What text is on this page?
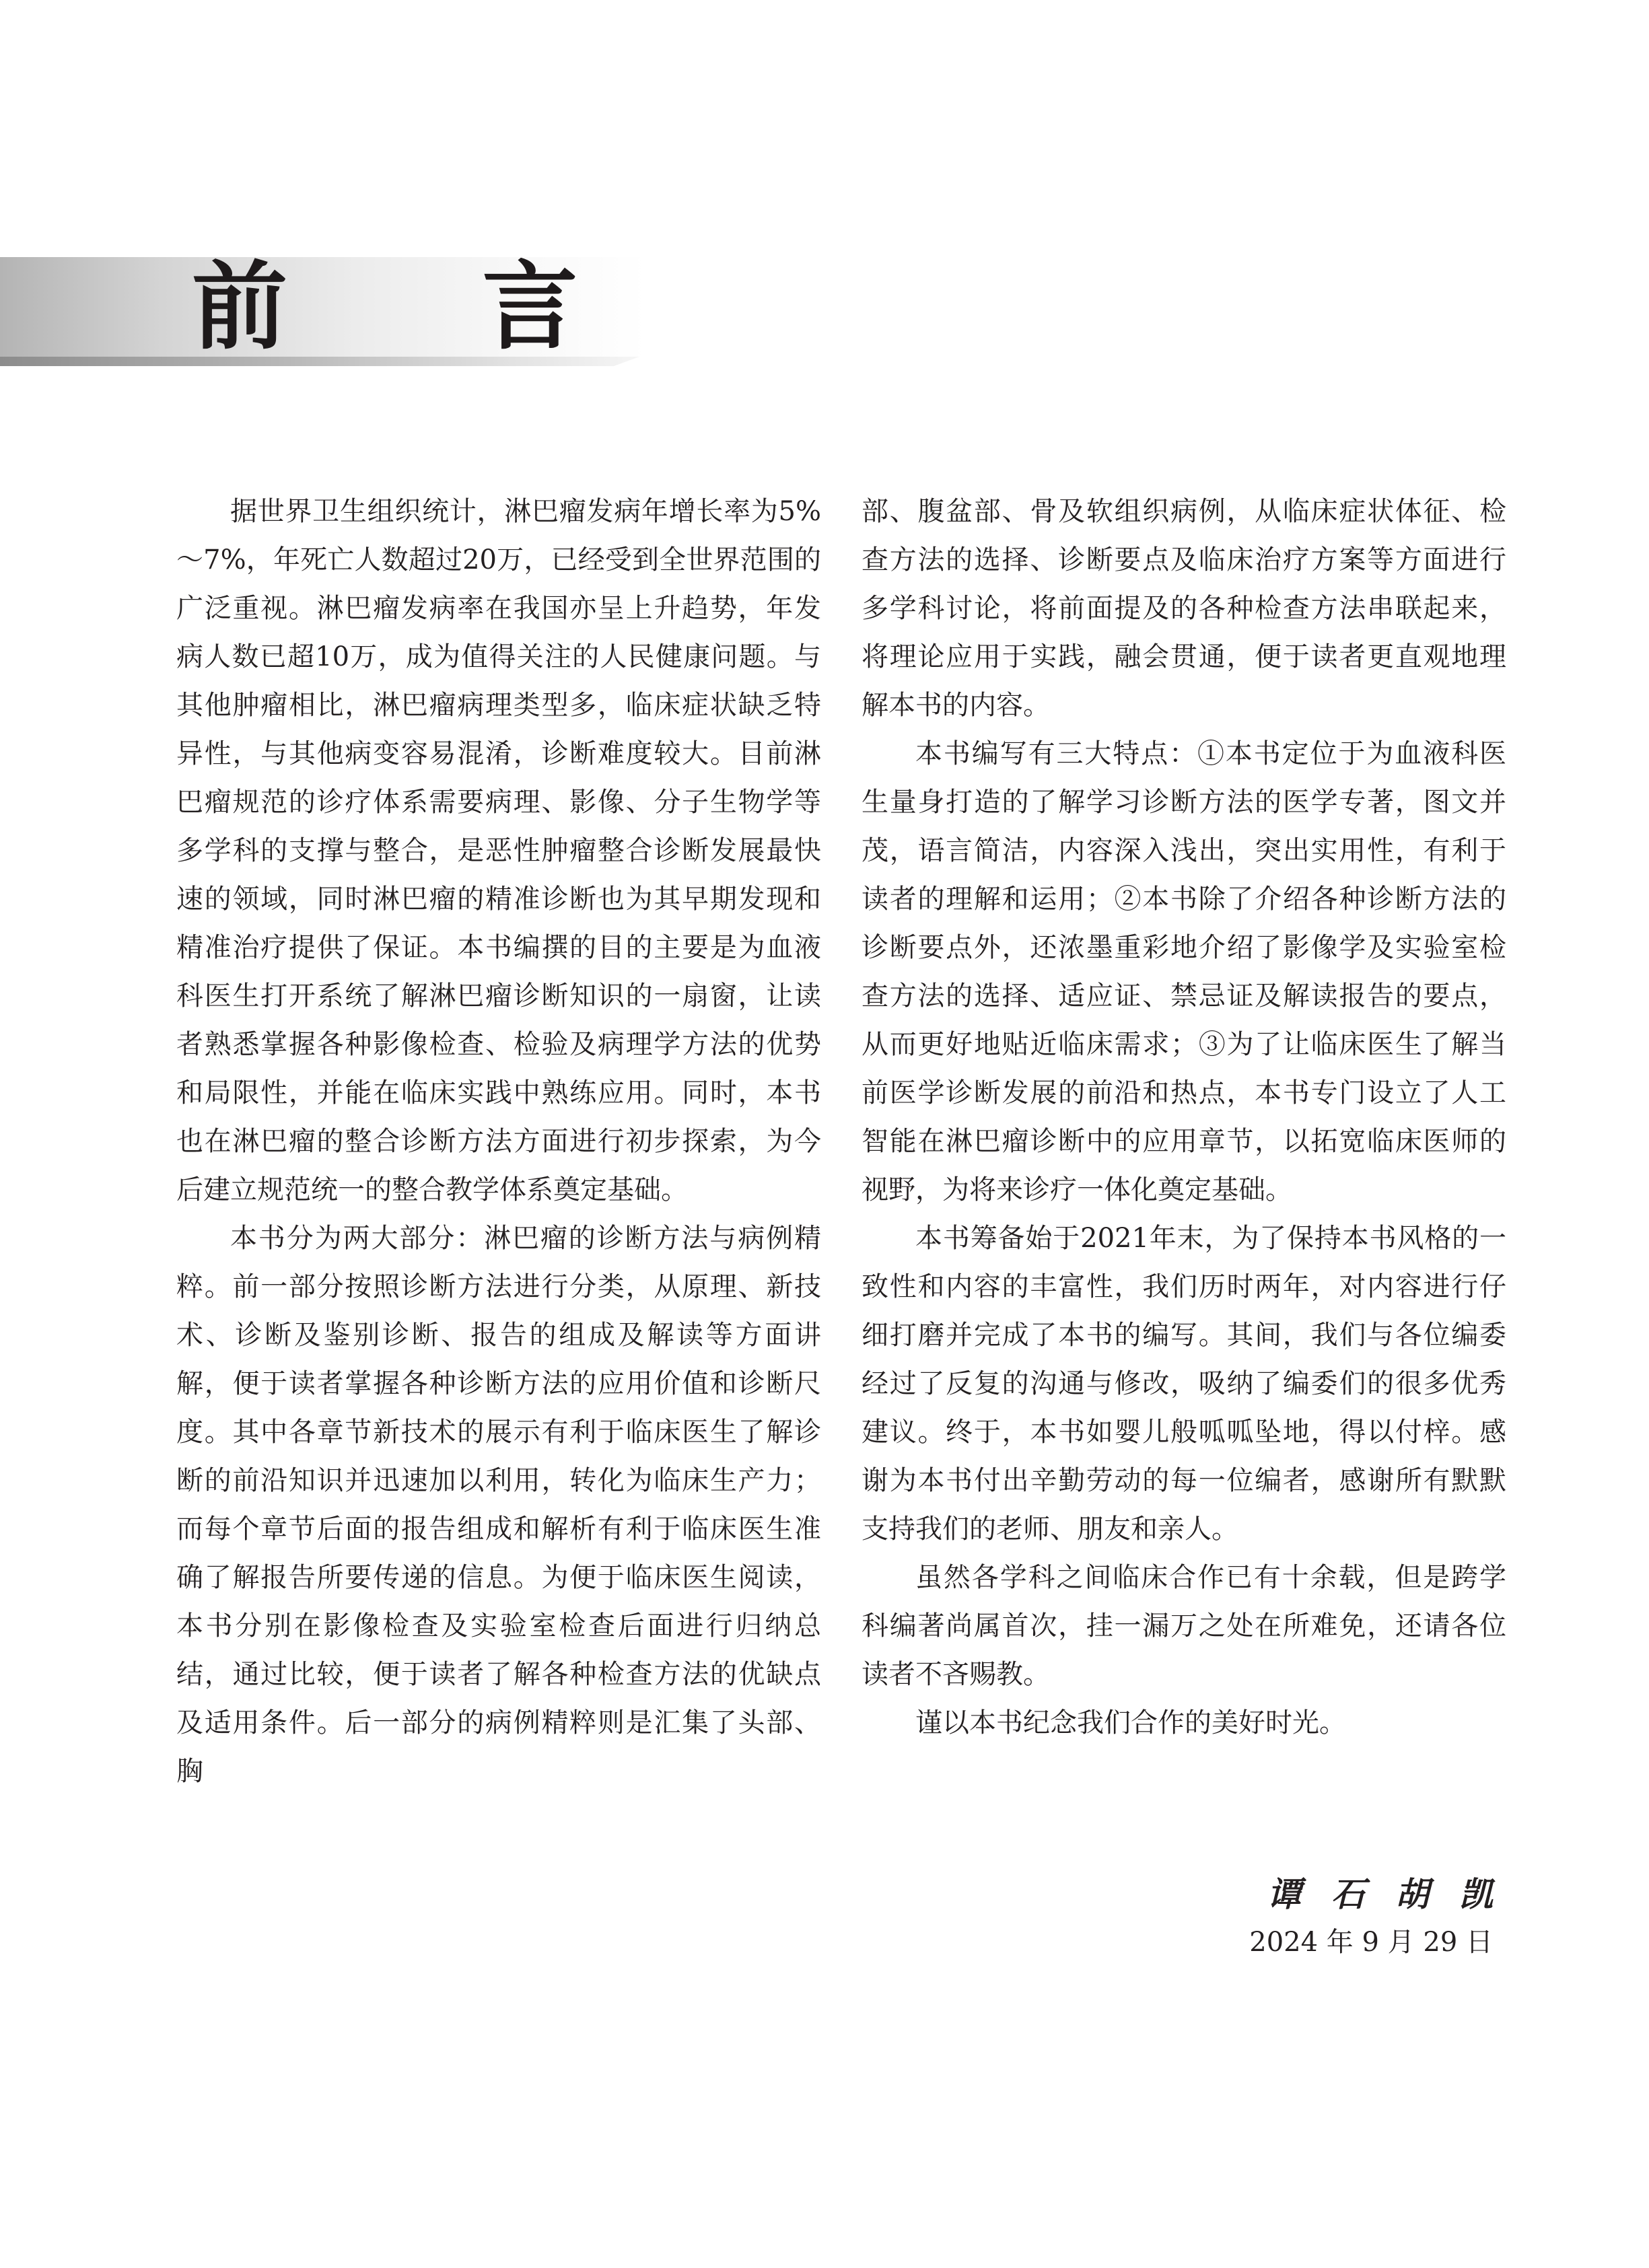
前 言

据世界卫生组织统计，淋巴瘤发病年增长率为5%～7%，年死亡人数超过20万，已经受到全世界范围的广泛重视。淋巴瘤发病率在我国亦呈上升趋势，年发病人数已超10万，成为值得关注的人民健康问题。与其他肿瘤相比，淋巴瘤病理类型多，临床症状缺乏特异性，与其他病变容易混淆，诊断难度较大。目前淋巴瘤规范的诊疗体系需要病理、影像、分子生物学等多学科的支撑与整合，是恶性肿瘤整合诊断发展最快速的领域，同时淋巴瘤的精准诊断也为其早期发现和精准治疗提供了保证。本书编撰的目的主要是为血液科医生打开系统了解淋巴瘤诊断知识的一扇窗，让读者熟悉掌握各种影像检查、检验及病理学方法的优势和局限性，并能在临床实践中熟练应用。同时，本书也在淋巴瘤的整合诊断方法方面进行初步探索，为今后建立规范统一的整合教学体系奠定基础。

本书分为两大部分：淋巴瘤的诊断方法与病例精粹。前一部分按照诊断方法进行分类，从原理、新技术、诊断及鉴别诊断、报告的组成及解读等方面讲解，便于读者掌握各种诊断方法的应用价值和诊断尺度。其中各章节新技术的展示有利于临床医生了解诊断的前沿知识并迅速加以利用，转化为临床生产力；而每个章节后面的报告组成和解析有利于临床医生准确了解报告所要传递的信息。为便于临床医生阅读，本书分别在影像检查及实验室检查后面进行归纳总结，通过比较，便于读者了解各种检查方法的优缺点及适用条件。后一部分的病例精粹则是汇集了头部、胸

部、腹盆部、骨及软组织病例，从临床症状体征、检查方法的选择、诊断要点及临床治疗方案等方面进行多学科讨论，将前面提及的各种检查方法串联起来，将理论应用于实践，融会贯通，便于读者更直观地理解本书的内容。

本书编写有三大特点：①本书定位于为血液科医生量身打造的了解学习诊断方法的医学专著，图文并茂，语言简洁，内容深入浅出，突出实用性，有利于读者的理解和运用；②本书除了介绍各种诊断方法的诊断要点外，还浓墨重彩地介绍了影像学及实验室检查方法的选择、适应证、禁忌证及解读报告的要点，从而更好地贴近临床需求；③为了让临床医生了解当前医学诊断发展的前沿和热点，本书专门设立了人工智能在淋巴瘤诊断中的应用章节，以拓宽临床医师的视野，为将来诊疗一体化奠定基础。

本书筹备始于2021年末，为了保持本书风格的一致性和内容的丰富性，我们历时两年，对内容进行仔细打磨并完成了本书的编写。其间，我们与各位编委经过了反复的沟通与修改，吸纳了编委们的很多优秀建议。终于，本书如婴儿般呱呱坠地，得以付梓。感谢为本书付出辛勤劳动的每一位编者，感谢所有默默支持我们的老师、朋友和亲人。

虽然各学科之间临床合作已有十余载，但是跨学科编著尚属首次，挂一漏万之处在所难免，还请各位读者不吝赐教。

谨以本书纪念我们合作的美好时光。

谭石胡凯
2024 年 9 月 29 日
